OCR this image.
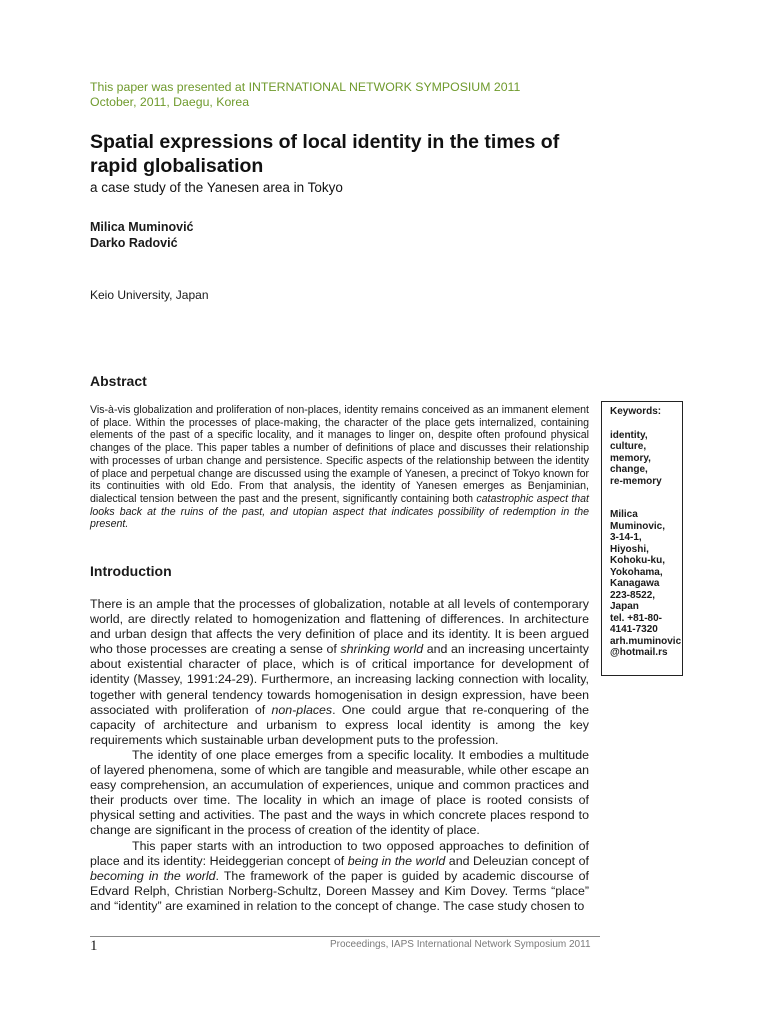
This paper was presented at INTERNATIONAL NETWORK SYMPOSIUM 2011
October, 2011, Daegu, Korea
Spatial expressions of local identity in the times of
rapid globalisation
a case study of the Yanesen area in Tokyo
Milica Muminović
Darko Radović
Keio University, Japan
Abstract

Vis-à-vis globalization and proliferation of non-places, identity remains conceived as an immanent element of place. Within the processes of place-making, the character of the place gets internalized, containing elements of the past of a specific locality, and it manages to linger on, despite often profound physical changes of the place. This paper tables a number of definitions of place and discusses their relationship with processes of urban change and persistence. Specific aspects of the relationship between the identity of place and perpetual change are discussed using the example of Yanesen, a precinct of Tokyo known for its continuities with old Edo. From that analysis, the identity of Yanesen emerges as Benjaminian, dialectical tension between the past and the present, significantly containing both catastrophic aspect that looks back at the ruins of the past, and utopian aspect that indicates possibility of redemption in the present.

Keywords:
identity,
culture,
memory,
change,
re-memory
Milica
Muminovic,
3-14-1,
Hiyoshi,
Kohoku-ku,
Yokohama,
Kanagawa
223-8522,
Japan
tel. +81-80-
4141-7320
arh.muminovic
@hotmail.rs
Introduction

There is an ample that the processes of globalization, notable at all levels of contemporary world, are directly related to homogenization and flattening of differences. In architecture and urban design that affects the very definition of place and its identity. It is been argued who those processes are creating a sense of shrinking world and an increasing uncertainty about existential character of place, which is of critical importance for development of identity (Massey, 1991:24-29). Furthermore, an increasing lacking connection with locality, together with general tendency towards homogenisation in design expression, have been associated with proliferation of non-places. One could argue that re-conquering of the capacity of architecture and urbanism to express local identity is among the key requirements which sustainable urban development puts to the profession.

The identity of one place emerges from a specific locality. It embodies a multitude of layered phenomena, some of which are tangible and measurable, while other escape an easy comprehension, an accumulation of experiences, unique and common practices and their products over time. The locality in which an image of place is rooted consists of physical setting and activities. The past and the ways in which concrete places respond to change are significant in the process of creation of the identity of place.

This paper starts with an introduction to two opposed approaches to definition of place and its identity: Heideggerian concept of being in the world and Deleuzian concept of becoming in the world. The framework of the paper is guided by academic discourse of Edvard Relph, Christian Norberg-Schultz, Doreen Massey and Kim Dovey. Terms “place” and “identity” are examined in relation to the concept of change. The case study chosen to

1	Proceedings, IAPS International Network Symposium 2011
